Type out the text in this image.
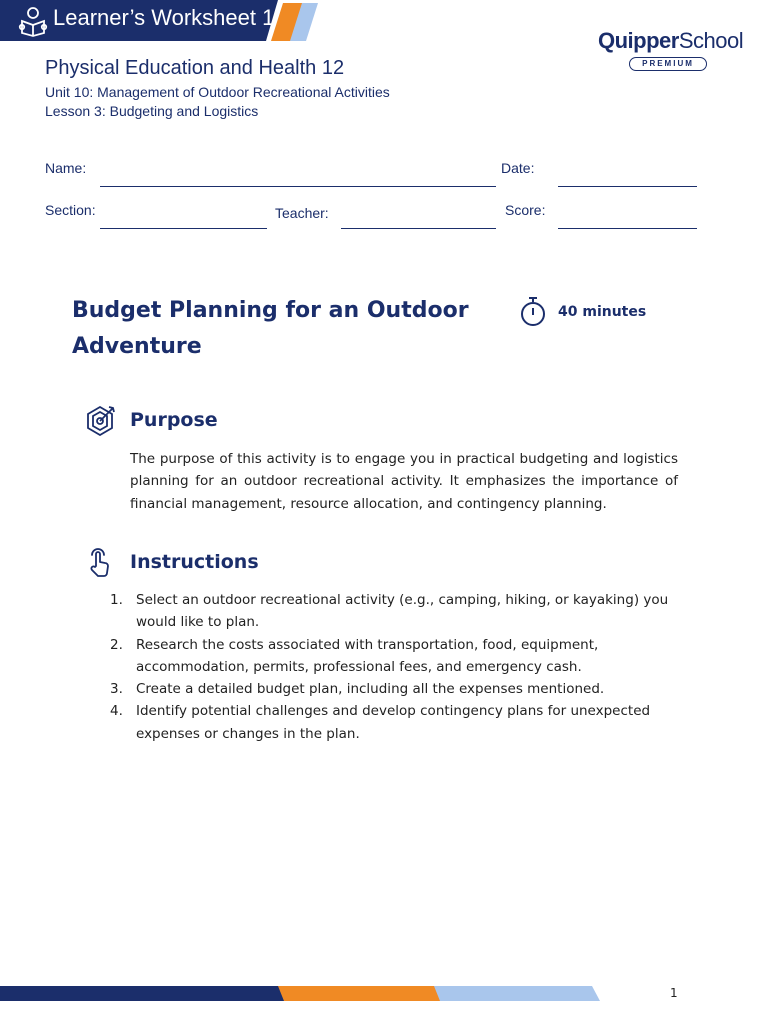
Learner’s Worksheet 1
QuipperSchool
PREMIUM
Physical Education and Health 12
Unit 10: Management of Outdoor Recreational Activities
Lesson 3: Budgeting and Logistics
Name:	Date:
Section:	Teacher:	Score:
Budget Planning for an Outdoor Adventure
40 minutes
Purpose

The purpose of this activity is to engage you in practical budgeting and logistics planning for an outdoor recreational activity. It emphasizes the importance of financial management, resource allocation, and contingency planning.

Instructions
1. Select an outdoor recreational activity (e.g., camping, hiking, or kayaking) you would like to plan.
2. Research the costs associated with transportation, food, equipment, accommodation, permits, professional fees, and emergency cash.
3. Create a detailed budget plan, including all the expenses mentioned.
4. Identify potential challenges and develop contingency plans for unexpected expenses or changes in the plan.
1
